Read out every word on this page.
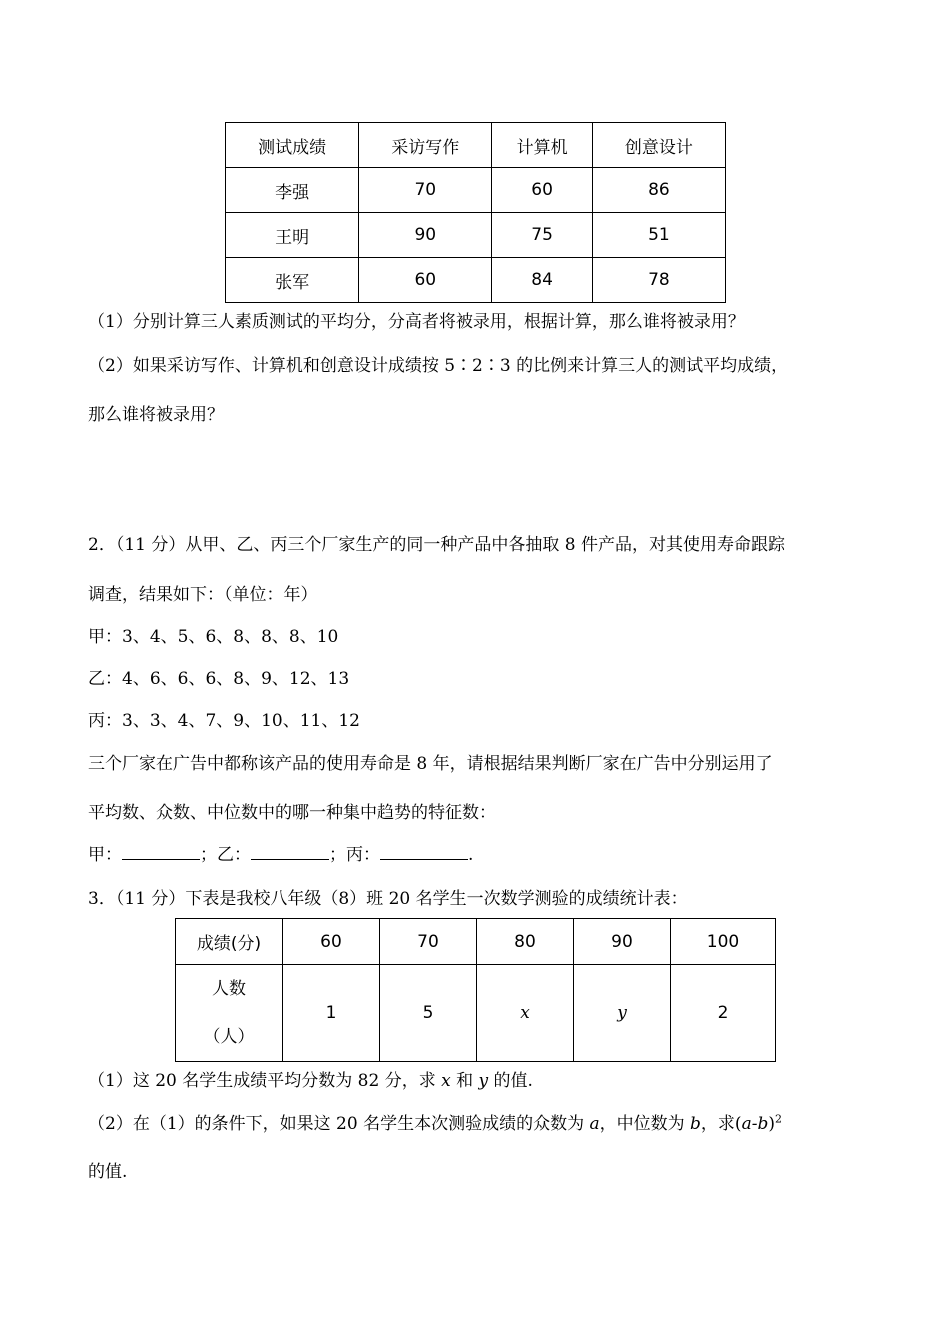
测试成绩	采访写作	计算机	创意设计
李强	70	60	86
王明	90	75	51
张军	60	84	78
（1）分别计算三人素质测试的平均分，分高者将被录用，根据计算，那么谁将被录用？
（2）如果采访写作、计算机和创意设计成绩按 5∶2∶3 的比例来计算三人的测试平均成绩，
那么谁将被录用？
2．（11 分）从甲、乙、丙三个厂家生产的同一种产品中各抽取 8 件产品，对其使用寿命跟踪
调查，结果如下：（单位：年）
甲：3、4、5、6、8、8、8、10
乙：4、6、6、6、8、9、12、13
丙：3、3、4、7、9、10、11、12
三个厂家在广告中都称该产品的使用寿命是 8 年，请根据结果判断厂家在广告中分别运用了
平均数、众数、中位数中的哪一种集中趋势的特征数：
甲：	；乙：	；丙：	.
3．（11 分）下表是我校八年级（8）班 20 名学生一次数学测验的成绩统计表：
成绩(分)	60	70	80	90	100

人数
（人）	1	5	x	y	2
（1）这 20 名学生成绩平均分数为 82 分，求 x 和 y 的值.
（2）在（1）的条件下，如果这 20 名学生本次测验成绩的众数为 a，中位数为 b，求$(a-b)^2$
的值.
